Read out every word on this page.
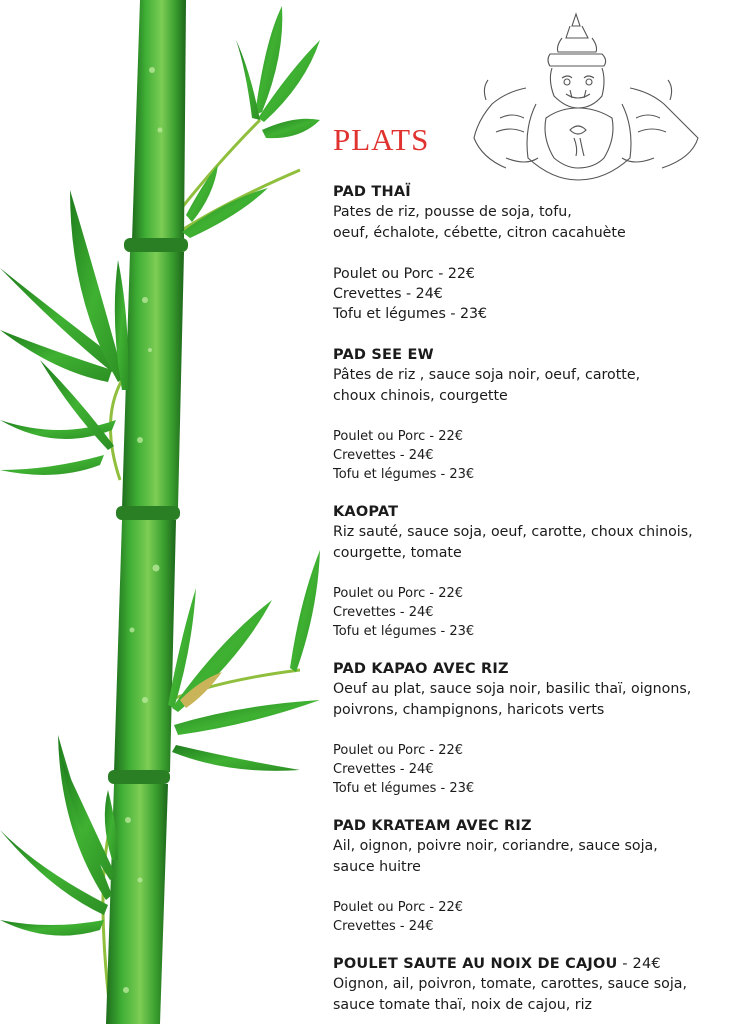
PLATS
PAD THAÏ
Pates de riz, pousse de soja, tofu,
oeuf, échalote, cébette, citron cacahuète
Poulet ou Porc - 22€
Crevettes - 24€
Tofu et légumes - 23€
PAD SEE EW
Pâtes de riz , sauce soja noir, oeuf, carotte,
choux chinois, courgette
Poulet ou Porc - 22€
Crevettes - 24€
Tofu et légumes - 23€
KAOPAT
Riz sauté, sauce soja, oeuf, carotte, choux chinois,
courgette, tomate
Poulet ou Porc - 22€
Crevettes - 24€
Tofu et légumes - 23€
PAD KAPAO AVEC RIZ
Oeuf au plat, sauce soja noir, basilic thaï, oignons,
poivrons, champignons, haricots verts
Poulet ou Porc - 22€
Crevettes - 24€
Tofu et légumes - 23€
PAD KRATEAM AVEC RIZ
Ail, oignon, poivre noir, coriandre, sauce soja,
sauce huitre
Poulet ou Porc - 22€
Crevettes - 24€
POULET SAUTE AU NOIX DE CAJOU - 24€
Oignon, ail, poivron, tomate, carottes, sauce soja,
sauce tomate thaï, noix de cajou, riz
